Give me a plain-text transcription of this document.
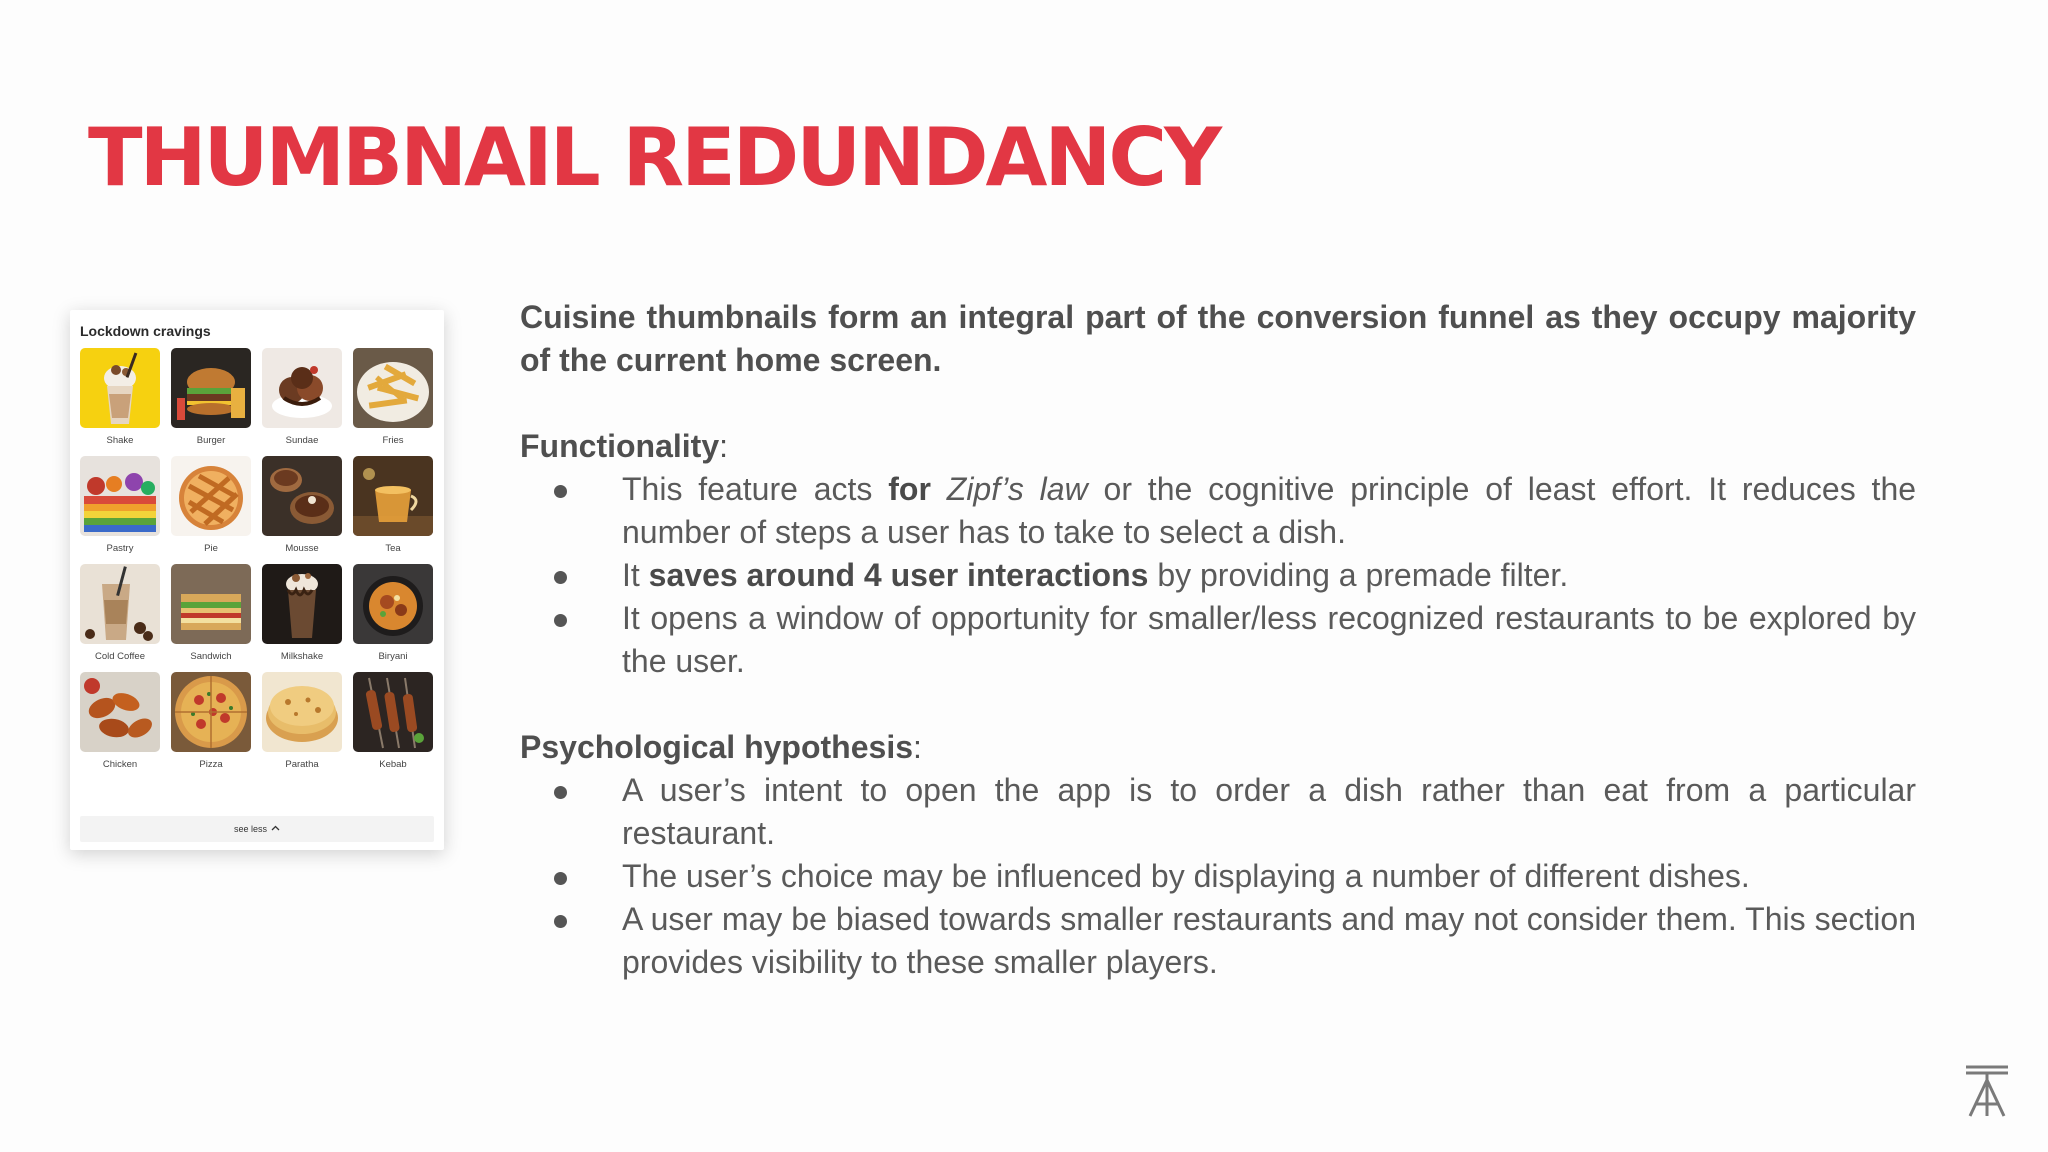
THUMBNAIL REDUNDANCY
Lockdown cravings
Shake	Burger	Sundae	Fries
Pastry	Pie	Mousse	Tea
Cold Coffee	Sandwich	Milkshake	Biryani
Chicken	Pizza	Paratha	Kebab
see less

Cuisine thumbnails form an integral part of the conversion funnel as they occupy majority of the current home screen.

Functionality:
This feature acts for Zipf’s law or the cognitive principle of least effort. It reduces the number of steps a user has to take to select a dish.
It saves around 4 user interactions by providing a premade filter.
It opens a window of opportunity for smaller/less recognized restaurants to be explored by the user.
Psychological hypothesis:
A user’s intent to open the app is to order a dish rather than eat from a particular restaurant.
The user’s choice may be influenced by displaying a number of different dishes.
A user may be biased towards smaller restaurants and may not consider them. This section provides visibility to these smaller players.
